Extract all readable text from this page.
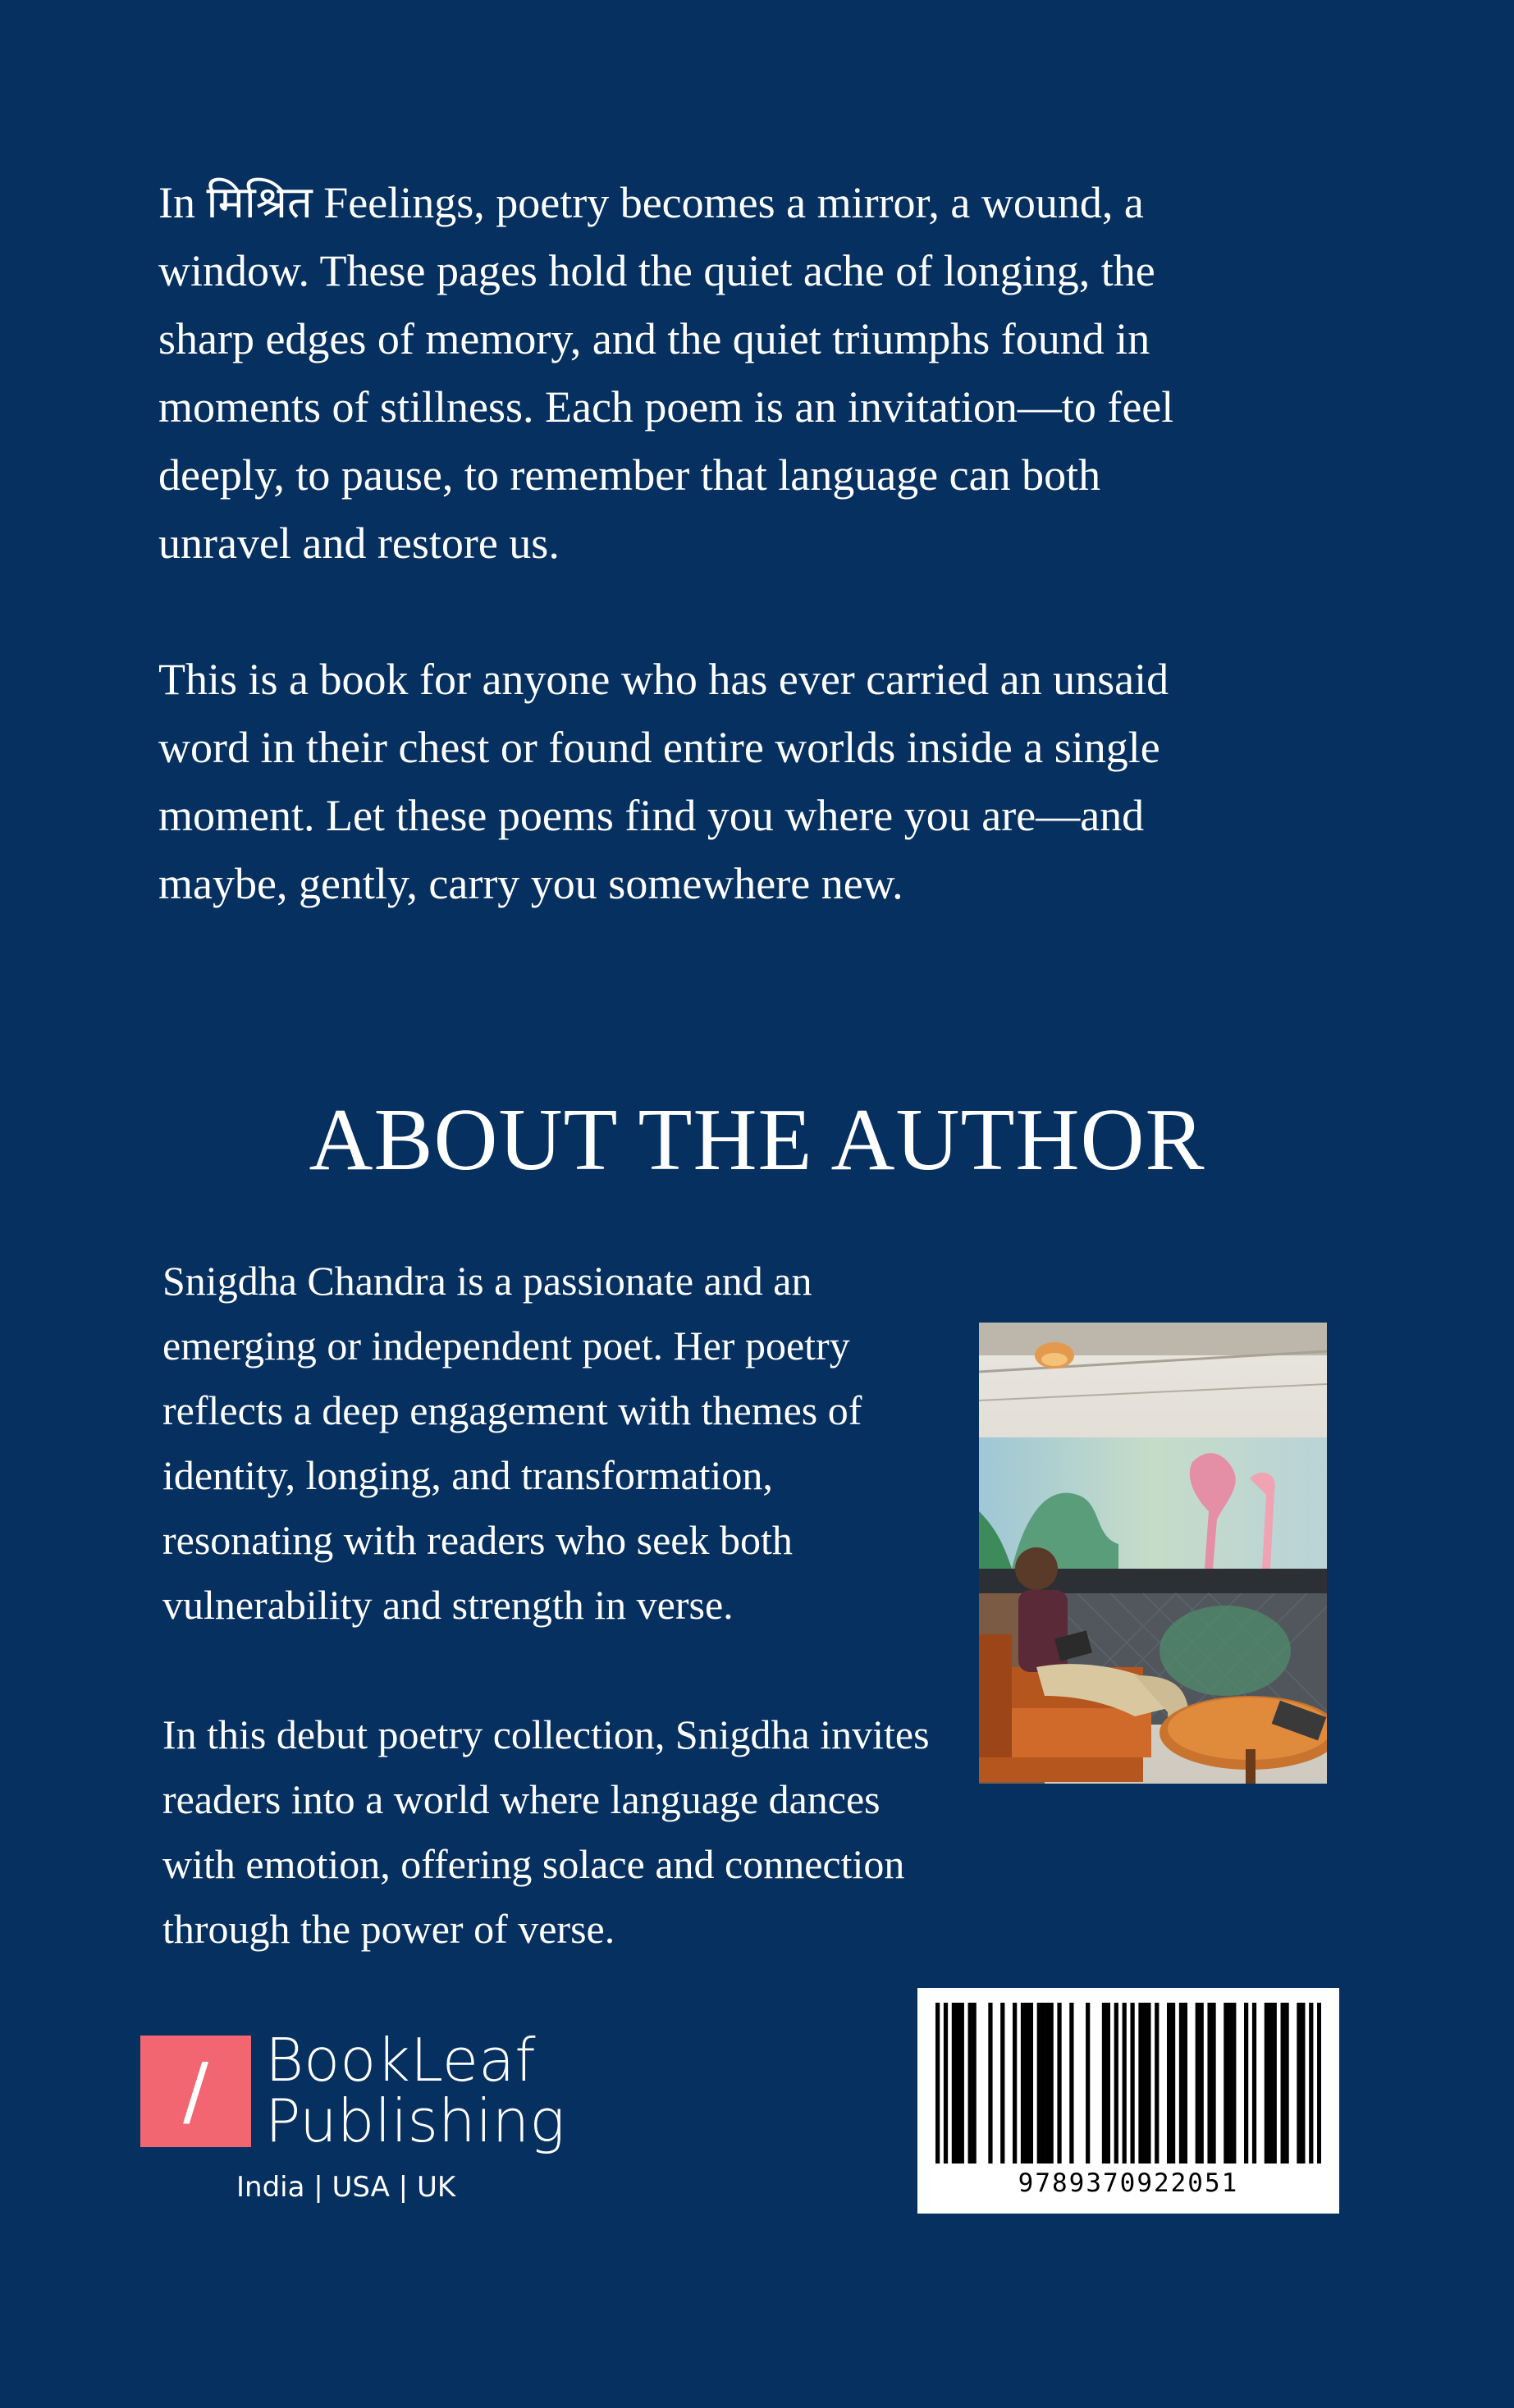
In मिश्रित Feelings, poetry becomes a mirror, a wound, a
window. These pages hold the quiet ache of longing, the
sharp edges of memory, and the quiet triumphs found in
moments of stillness. Each poem is an invitation—to feel
deeply, to pause, to remember that language can both
unravel and restore us.

This is a book for anyone who has ever carried an unsaid
word in their chest or found entire worlds inside a single
moment. Let these poems find you where you are—and
maybe, gently, carry you somewhere new.

ABOUT THE AUTHOR

Snigdha Chandra is a passionate and an
emerging or independent poet. Her poetry
reflects a deep engagement with themes of
identity, longing, and transformation,
resonating with readers who seek both
vulnerability and strength in verse.

In this debut poetry collection, Snigdha invites
readers into a world where language dances
with emotion, offering solace and connection
through the power of verse.

/ BookLeaf
Publishing
India | USA | UK	9789370922051
